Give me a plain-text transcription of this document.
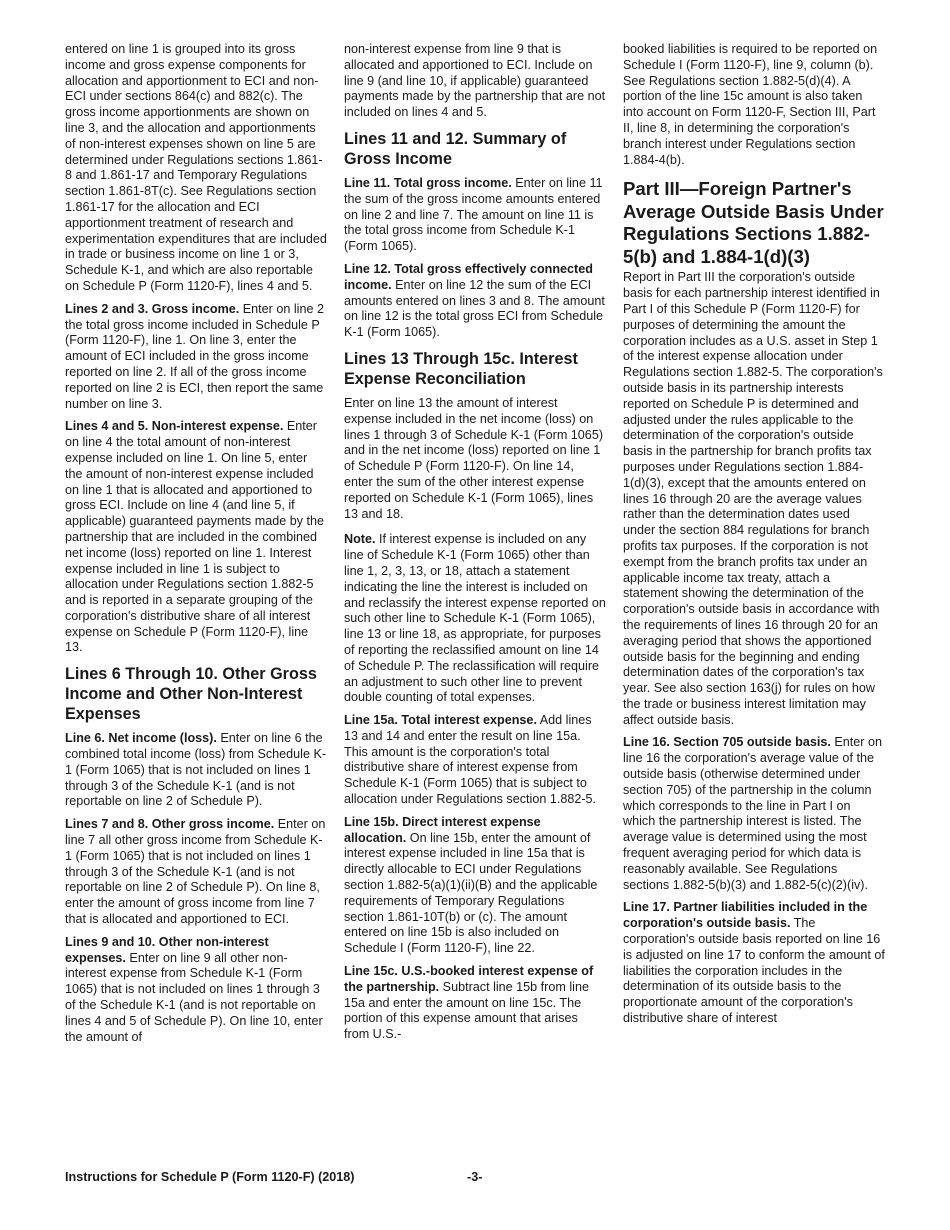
entered on line 1 is grouped into its gross income and gross expense components for allocation and apportionment to ECI and non-ECI under sections 864(c) and 882(c). The gross income apportionments are shown on line 3, and the allocation and apportionments of non-interest expenses shown on line 5 are determined under Regulations sections 1.861-8 and 1.861-17 and Temporary Regulations section 1.861-8T(c). See Regulations section 1.861-17 for the allocation and ECI apportionment treatment of research and experimentation expenditures that are included in trade or business income on line 1 or 3, Schedule K-1, and which are also reportable on Schedule P (Form 1120-F), lines 4 and 5.

Lines 2 and 3. Gross income. Enter on line 2 the total gross income included in Schedule P (Form 1120-F), line 1. On line 3, enter the amount of ECI included in the gross income reported on line 2. If all of the gross income reported on line 2 is ECI, then report the same number on line 3.

Lines 4 and 5. Non-interest expense. Enter on line 4 the total amount of non-interest expense included on line 1. On line 5, enter the amount of non-interest expense included on line 1 that is allocated and apportioned to gross ECI. Include on line 4 (and line 5, if applicable) guaranteed payments made by the partnership that are included in the combined net income (loss) reported on line 1. Interest expense included in line 1 is subject to allocation under Regulations section 1.882-5 and is reported in a separate grouping of the corporation's distributive share of all interest expense on Schedule P (Form 1120-F), line 13.

Lines 6 Through 10. Other Gross Income and Other Non-Interest Expenses

Line 6. Net income (loss). Enter on line 6 the combined total income (loss) from Schedule K-1 (Form 1065) that is not included on lines 1 through 3 of the Schedule K-1 (and is not reportable on line 2 of Schedule P).

Lines 7 and 8. Other gross income. Enter on line 7 all other gross income from Schedule K-1 (Form 1065) that is not included on lines 1 through 3 of the Schedule K-1 (and is not reportable on line 2 of Schedule P). On line 8, enter the amount of gross income from line 7 that is allocated and apportioned to ECI.

Lines 9 and 10. Other non-interest expenses. Enter on line 9 all other non-interest expense from Schedule K-1 (Form 1065) that is not included on lines 1 through 3 of the Schedule K-1 (and is not reportable on lines 4 and 5 of Schedule P). On line 10, enter the amount of

non-interest expense from line 9 that is allocated and apportioned to ECI. Include on line 9 (and line 10, if applicable) guaranteed payments made by the partnership that are not included on lines 4 and 5.

Lines 11 and 12. Summary of Gross Income

Line 11. Total gross income. Enter on line 11 the sum of the gross income amounts entered on line 2 and line 7. The amount on line 11 is the total gross income from Schedule K-1 (Form 1065).

Line 12. Total gross effectively connected income. Enter on line 12 the sum of the ECI amounts entered on lines 3 and 8. The amount on line 12 is the total gross ECI from Schedule K-1 (Form 1065).

Lines 13 Through 15c. Interest Expense Reconciliation

Enter on line 13 the amount of interest expense included in the net income (loss) on lines 1 through 3 of Schedule K-1 (Form 1065) and in the net income (loss) reported on line 1 of Schedule P (Form 1120-F). On line 14, enter the sum of the other interest expense reported on Schedule K-1 (Form 1065), lines 13 and 18.

Note. If interest expense is included on any line of Schedule K-1 (Form 1065) other than line 1, 2, 3, 13, or 18, attach a statement indicating the line the interest is included on and reclassify the interest expense reported on such other line to Schedule K-1 (Form 1065), line 13 or line 18, as appropriate, for purposes of reporting the reclassified amount on line 14 of Schedule P. The reclassification will require an adjustment to such other line to prevent double counting of total expenses.

Line 15a. Total interest expense. Add lines 13 and 14 and enter the result on line 15a. This amount is the corporation's total distributive share of interest expense from Schedule K-1 (Form 1065) that is subject to allocation under Regulations section 1.882-5.

Line 15b. Direct interest expense allocation. On line 15b, enter the amount of interest expense included in line 15a that is directly allocable to ECI under Regulations section 1.882-5(a)(1)(ii)(B) and the applicable requirements of Temporary Regulations section 1.861-10T(b) or (c). The amount entered on line 15b is also included on Schedule I (Form 1120-F), line 22.

Line 15c. U.S.-booked interest expense of the partnership. Subtract line 15b from line 15a and enter the amount on line 15c. The portion of this expense amount that arises from U.S.-

booked liabilities is required to be reported on Schedule I (Form 1120-F), line 9, column (b). See Regulations section 1.882-5(d)(4). A portion of the line 15c amount is also taken into account on Form 1120-F, Section III, Part II, line 8, in determining the corporation's branch interest under Regulations section 1.884-4(b).

Part III—Foreign Partner's Average Outside Basis Under Regulations Sections 1.882-5(b) and 1.884-1(d)(3)

Report in Part III the corporation's outside basis for each partnership interest identified in Part I of this Schedule P (Form 1120-F) for purposes of determining the amount the corporation includes as a U.S. asset in Step 1 of the interest expense allocation under Regulations section 1.882-5. The corporation's outside basis in its partnership interests reported on Schedule P is determined and adjusted under the rules applicable to the determination of the corporation's outside basis in the partnership for branch profits tax purposes under Regulations section 1.884-1(d)(3), except that the amounts entered on lines 16 through 20 are the average values rather than the determination dates used under the section 884 regulations for branch profits tax purposes. If the corporation is not exempt from the branch profits tax under an applicable income tax treaty, attach a statement showing the determination of the corporation's outside basis in accordance with the requirements of lines 16 through 20 for an averaging period that shows the apportioned outside basis for the beginning and ending determination dates of the corporation's tax year. See also section 163(j) for rules on how the trade or business interest limitation may affect outside basis.

Line 16. Section 705 outside basis. Enter on line 16 the corporation's average value of the outside basis (otherwise determined under section 705) of the partnership in the column which corresponds to the line in Part I on which the partnership interest is listed. The average value is determined using the most frequent averaging period for which data is reasonably available. See Regulations sections 1.882-5(b)(3) and 1.882-5(c)(2)(iv).

Line 17. Partner liabilities included in the corporation's outside basis. The corporation's outside basis reported on line 16 is adjusted on line 17 to conform the amount of liabilities the corporation includes in the determination of its outside basis to the proportionate amount of the corporation's distributive share of interest

Instructions for Schedule P (Form 1120-F) (2018)	-3-
